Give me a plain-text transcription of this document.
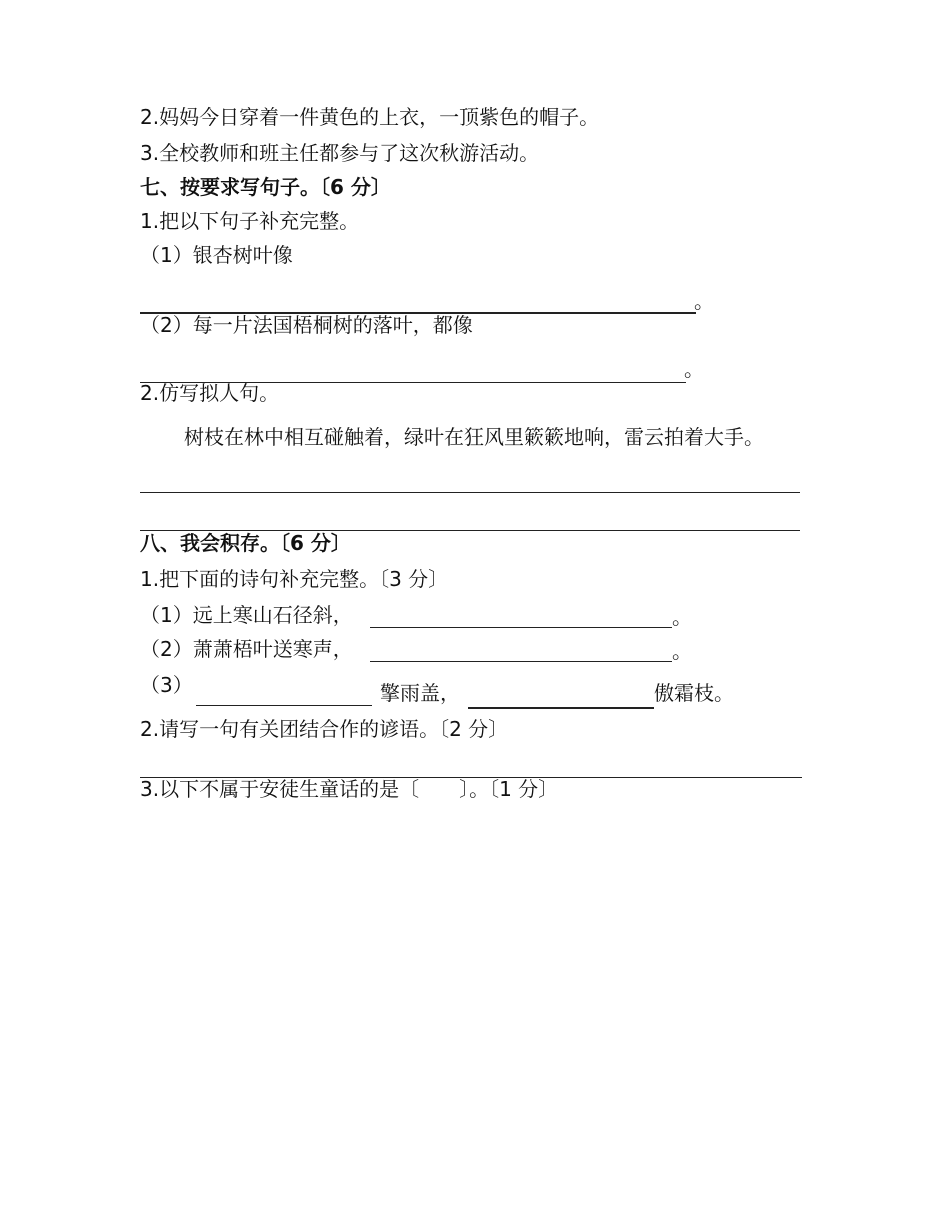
2.妈妈今日穿着一件黄色的上衣，一顶紫色的帽子。
3.全校教师和班主任都参与了这次秋游活动。
七、按要求写句子。〔6 分〕
1.把以下句子补充完整。
（1）银杏树叶像
。
（2）每一片法国梧桐树的落叶，都像
。
2.仿写拟人句。
树枝在林中相互碰触着，绿叶在狂风里簌簌地响，雷云拍着大手。
八、我会积存。〔6 分〕
1.把下面的诗句补充完整。〔3 分〕
（1）远上寒山石径斜，	。
（2）萧萧梧叶送寒声，	。
（3）	擎雨盖，	傲霜枝。
2.请写一句有关团结合作的谚语。〔2 分〕
3.以下不属于安徒生童话的是〔　　〕。〔1 分〕
